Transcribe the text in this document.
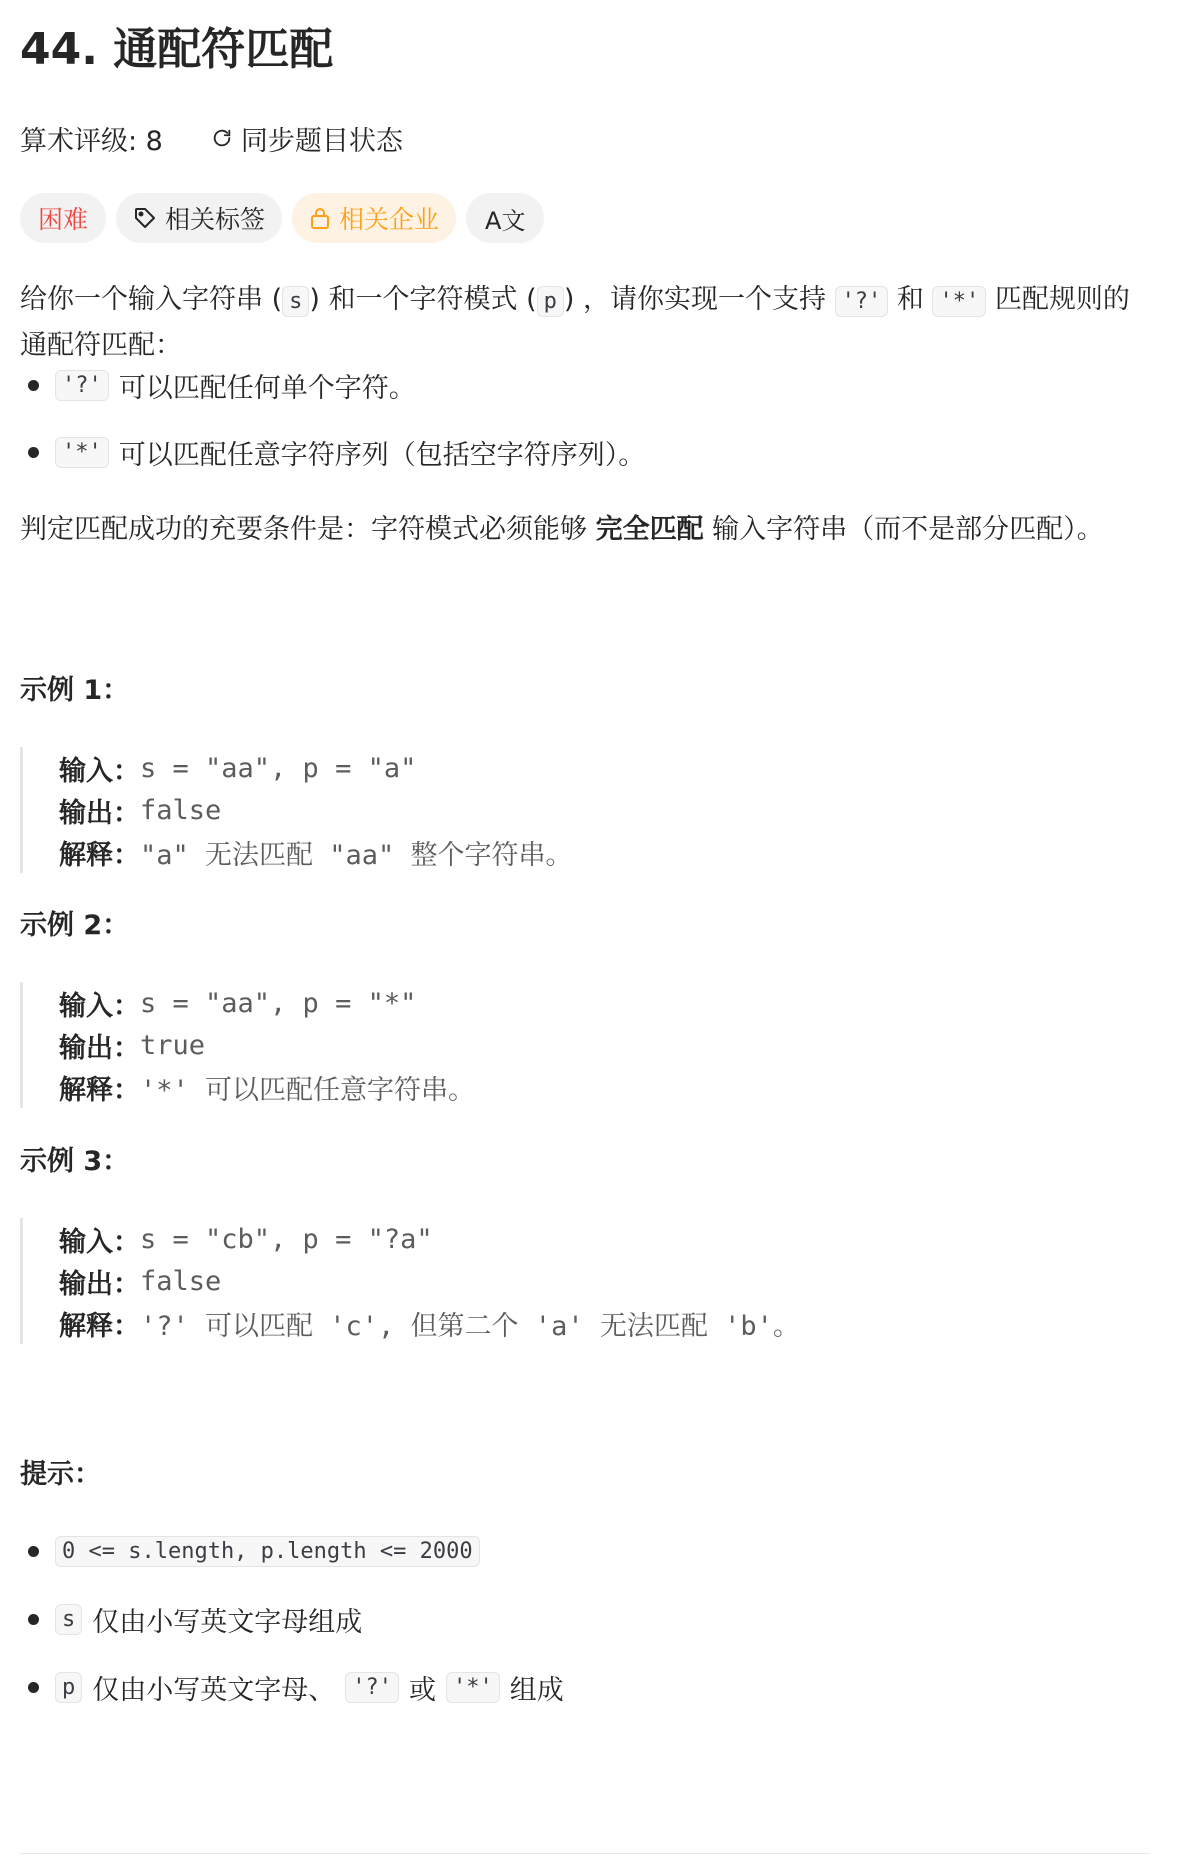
44. 通配符匹配
算术评级: 8	同步题目状态
困难	相关标签	相关企业 A文
给你一个输入字符串 ( s ) 和一个字符模式 ( p ) ，请你实现一个支持 '?' 和 '*' 匹配规则的通配符匹配：
'?' 可以匹配任何单个字符。
'*' 可以匹配任意字符序列（包括空字符序列）。
判定匹配成功的充要条件是：字符模式必须能够 完全匹配 输入字符串（而不是部分匹配）。
示例 1：
输入： s = "aa", p = "a"
输出： false
解释： "a" 无法匹配 "aa" 整个字符串。
示例 2：
输入： s = "aa", p = "*"
输出： true
解释： '*' 可以匹配任意字符串。
示例 3：
输入： s = "cb", p = "?a"
输出： false
解释： '?' 可以匹配 'c', 但第二个 'a' 无法匹配 'b'。
提示：
0 <= s.length, p.length <= 2000
s 仅由小写英文字母组成
p 仅由小写英文字母、 '?' 或 '*' 组成
